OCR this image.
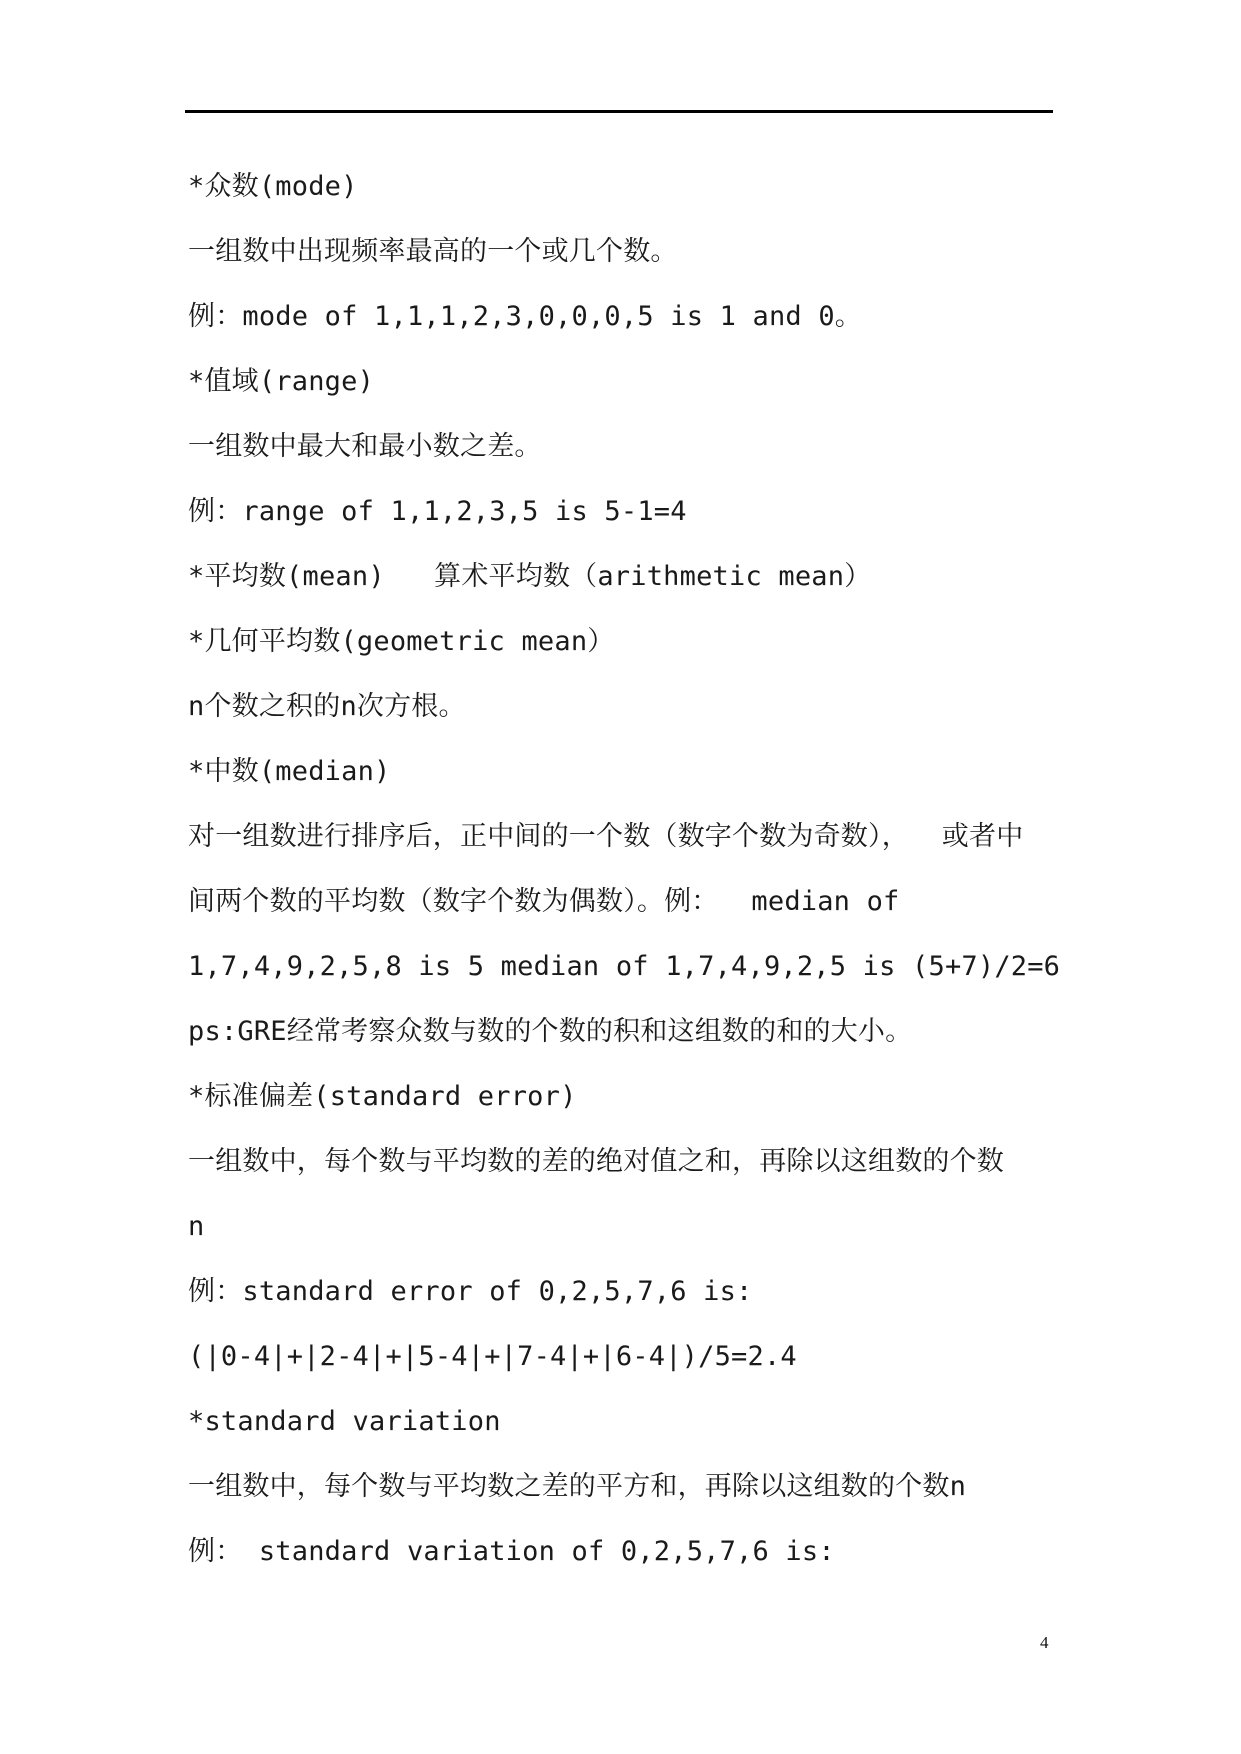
*众数(mode)
一组数中出现频率最高的一个或几个数。
例：mode of 1,1,1,2,3,0,0,0,5 is 1 and 0。
*值域(range)
一组数中最大和最小数之差。
例：range of 1,1,2,3,5 is 5-1=4
*平均数(mean)   算术平均数（arithmetic mean）
*几何平均数(geometric mean）
n个数之积的n次方根。
*中数(median)
对一组数进行排序后，正中间的一个数（数字个数为奇数），  或者中
间两个数的平均数（数字个数为偶数）。例：  median of
1,7,4,9,2,5,8 is 5 median of 1,7,4,9,2,5 is (5+7)/2=6
ps:GRE经常考察众数与数的个数的积和这组数的和的大小。
*标准偏差(standard error)
一组数中，每个数与平均数的差的绝对值之和，再除以这组数的个数
n
例：standard error of 0,2,5,7,6 is:
(|0-4|+|2-4|+|5-4|+|7-4|+|6-4|)/5=2.4
*standard variation
一组数中，每个数与平均数之差的平方和，再除以这组数的个数n
例： standard variation of 0,2,5,7,6 is:
4
